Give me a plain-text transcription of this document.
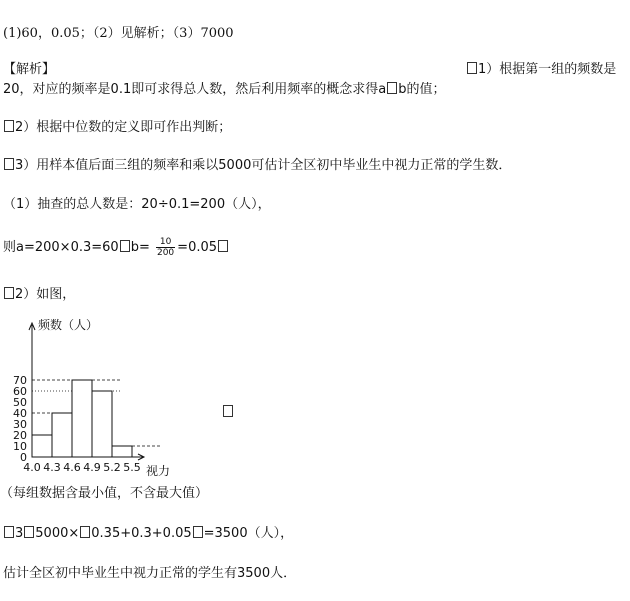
(1)60，0.05；（2）见解析；（3）7000
【解析】	1）根据第一组的频数是
20，对应的频率是0.1即可求得总人数，然后利用频率的概念求得a b的值；
2）根据中位数的定义即可作出判断；
3）用样本值后面三组的频率和乘以5000可估计全区初中毕业生中视力正常的学生数．
（1）抽查的总人数是：20÷0.1=200（人），
则a=200×0.3=60 $b= \frac{10}{200} =0.05$
2）如图，
0
10
20
30
40
50
60
70
4.0 4.3 4.6 4.9 5.2 5.5
频数（人）
视力
（每组数据含最小值，不含最大值）
3 5000× 0.35+0.3+0.05 =3500（人），
估计全区初中毕业生中视力正常的学生有3500人．
